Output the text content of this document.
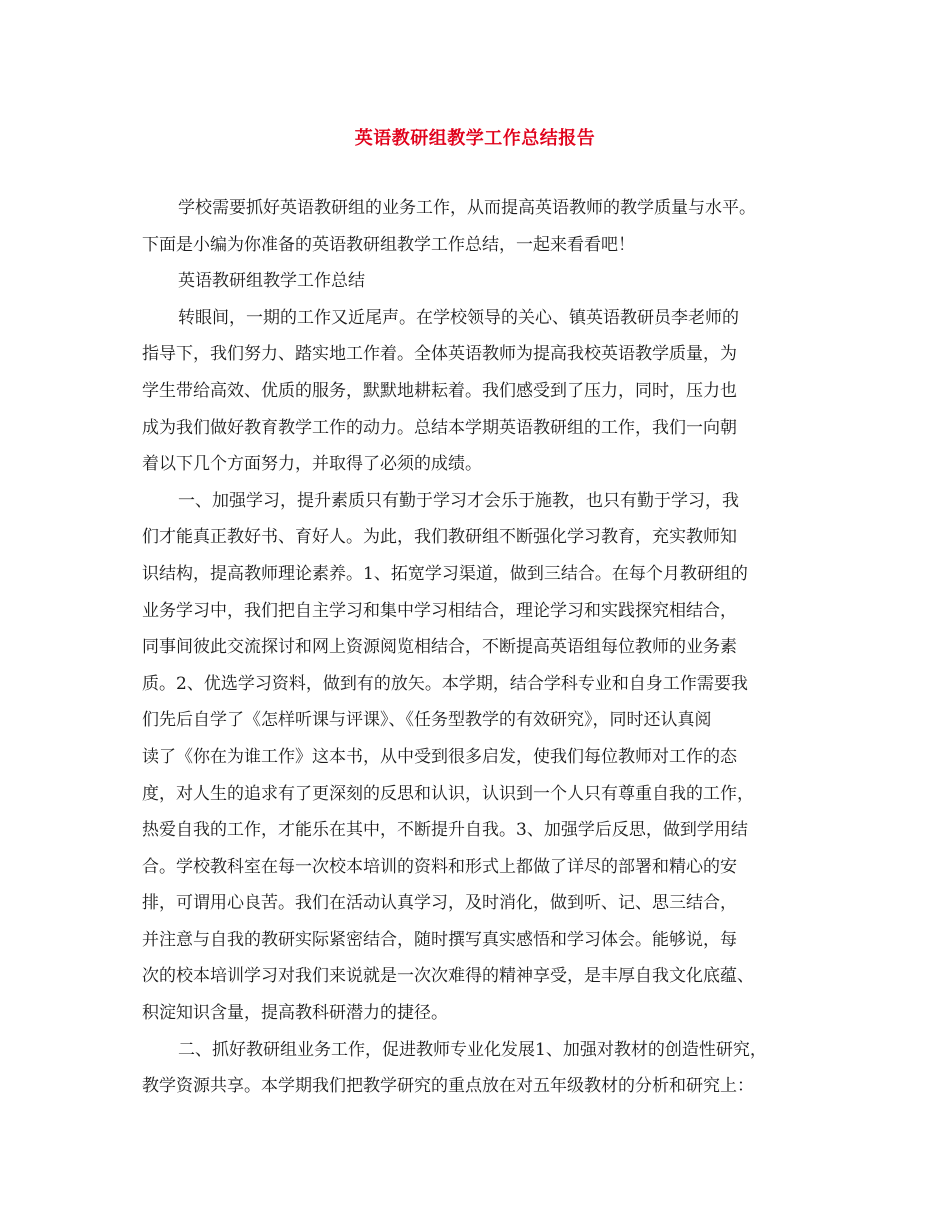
英语教研组教学工作总结报告
学校需要抓好英语教研组的业务工作，从而提高英语教师的教学质量与水平。
下面是小编为你准备的英语教研组教学工作总结，一起来看看吧！
英语教研组教学工作总结
转眼间，一期的工作又近尾声。在学校领导的关心、镇英语教研员李老师的
指导下，我们努力、踏实地工作着。全体英语教师为提高我校英语教学质量，为
学生带给高效、优质的服务，默默地耕耘着。我们感受到了压力，同时，压力也
成为我们做好教育教学工作的动力。总结本学期英语教研组的工作，我们一向朝
着以下几个方面努力，并取得了必须的成绩。
一、加强学习，提升素质只有勤于学习才会乐于施教，也只有勤于学习，我
们才能真正教好书、育好人。为此，我们教研组不断强化学习教育，充实教师知
识结构，提高教师理论素养。1、拓宽学习渠道，做到三结合。在每个月教研组的
业务学习中，我们把自主学习和集中学习相结合，理论学习和实践探究相结合，
同事间彼此交流探讨和网上资源阅览相结合，不断提高英语组每位教师的业务素
质。2、优选学习资料，做到有的放矢。本学期，结合学科专业和自身工作需要我
们先后自学了《怎样听课与评课》、《任务型教学的有效研究》，同时还认真阅
读了《你在为谁工作》这本书，从中受到很多启发，使我们每位教师对工作的态
度，对人生的追求有了更深刻的反思和认识，认识到一个人只有尊重自我的工作，
热爱自我的工作，才能乐在其中，不断提升自我。3、加强学后反思，做到学用结
合。学校教科室在每一次校本培训的资料和形式上都做了详尽的部署和精心的安
排，可谓用心良苦。我们在活动认真学习，及时消化，做到听、记、思三结合，
并注意与自我的教研实际紧密结合，随时撰写真实感悟和学习体会。能够说，每
次的校本培训学习对我们来说就是一次次难得的精神享受，是丰厚自我文化底蕴、
积淀知识含量，提高教科研潜力的捷径。
二、抓好教研组业务工作，促进教师专业化发展1、加强对教材的创造性研究，
教学资源共享。本学期我们把教学研究的重点放在对五年级教材的分析和研究上：
